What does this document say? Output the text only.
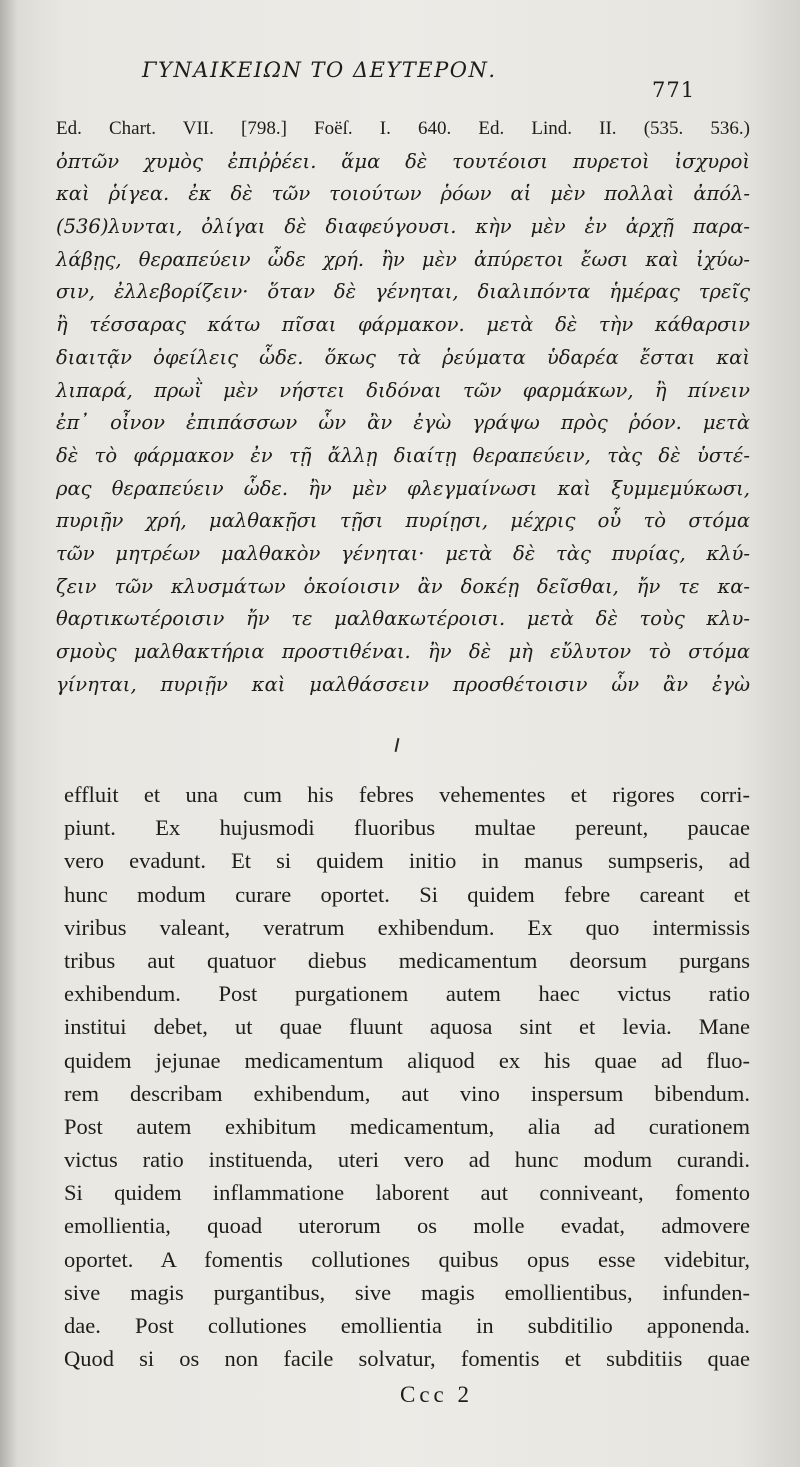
ΓΥΝΑΙΚΕΙΩΝ ΤΟ ΔΕΥΤΕΡΟΝ.
771
Ed. Chart. VII. [798.] Foëſ. I. 640. Ed. Lind. II. (535. 536.)
ὀπτῶν χυμὸς ἐπιῤῥέει. ἅμα δὲ τουτέοισι πυρετοὶ ἰσχυροὶ
καὶ ῥίγεα. ἐκ δὲ τῶν τοιούτων ῥόων αἱ μὲν πολλαὶ ἀπόλ-
(536)λυνται, ὀλίγαι δὲ διαφεύγουσι. κὴν μὲν ἐν ἀρχῇ παρα-
λάβῃς, θεραπεύειν ὧδε χρή. ἢν μὲν ἀπύρετοι ἔωσι καὶ ἰχύω-
σιν, ἐλλεβορίζειν· ὅταν δὲ γένηται, διαλιπόντα ἡμέρας τρεῖς
ἢ τέσσαρας κάτω πῖσαι φάρμακον. μετὰ δὲ τὴν κάθαρσιν
διαιτᾷν ὀφείλεις ὧδε. ὅκως τὰ ῥεύματα ὑδαρέα ἔσται καὶ
λιπαρά, πρωῒ μὲν νήστει διδόναι τῶν φαρμάκων, ἢ πίνειν
ἐπ᾽ οἶνον ἐπιπάσσων ὧν ἂν ἐγὼ γράψω πρὸς ῥόον. μετὰ
δὲ τὸ φάρμακον ἐν τῇ ἄλλῃ διαίτῃ θεραπεύειν, τὰς δὲ ὑστέ-
ρας θεραπεύειν ὧδε. ἢν μὲν φλεγμαίνωσι καὶ ξυμμεμύκωσι,
πυριῇν χρή, μαλθακῇσι τῇσι πυρίῃσι, μέχρις οὗ τὸ στόμα
τῶν μητρέων μαλθακὸν γένηται· μετὰ δὲ τὰς πυρίας, κλύ-
ζειν τῶν κλυσμάτων ὁκοίοισιν ἂν δοκέῃ δεῖσθαι, ἤν τε κα-
θαρτικωτέροισιν ἤν τε μαλθακωτέροισι. μετὰ δὲ τοὺς κλυ-
σμοὺς μαλθακτήρια προστιθέναι. ἢν δὲ μὴ εὔλυτον τὸ στόμα
γίνηται, πυριῇν καὶ μαλθάσσειν προσθέτοισιν ὧν ἂν ἐγὼ
effluit et una cum his febres vehementes et rigores corri-
piunt. Ex hujusmodi fluoribus multae pereunt, paucae
vero evadunt. Et si quidem initio in manus sumpseris, ad
hunc modum curare oportet. Si quidem febre careant et
viribus valeant, veratrum exhibendum. Ex quo intermissis
tribus aut quatuor diebus medicamentum deorsum purgans
exhibendum. Post purgationem autem haec victus ratio
institui debet, ut quae fluunt aquosa sint et levia. Mane
quidem jejunae medicamentum aliquod ex his quae ad fluo-
rem describam exhibendum, aut vino inspersum bibendum.
Post autem exhibitum medicamentum, alia ad curationem
victus ratio instituenda, uteri vero ad hunc modum curandi.
Si quidem inflammatione laborent aut conniveant, fomento
emollientia, quoad uterorum os molle evadat, admovere
oportet. A fomentis collutiones quibus opus esse videbitur,
sive magis purgantibus, sive magis emollientibus, infunden-
dae. Post collutiones emollientia in subditilio apponenda.
Quod si os non facile solvatur, fomentis et subditiis quae
Ccc 2
